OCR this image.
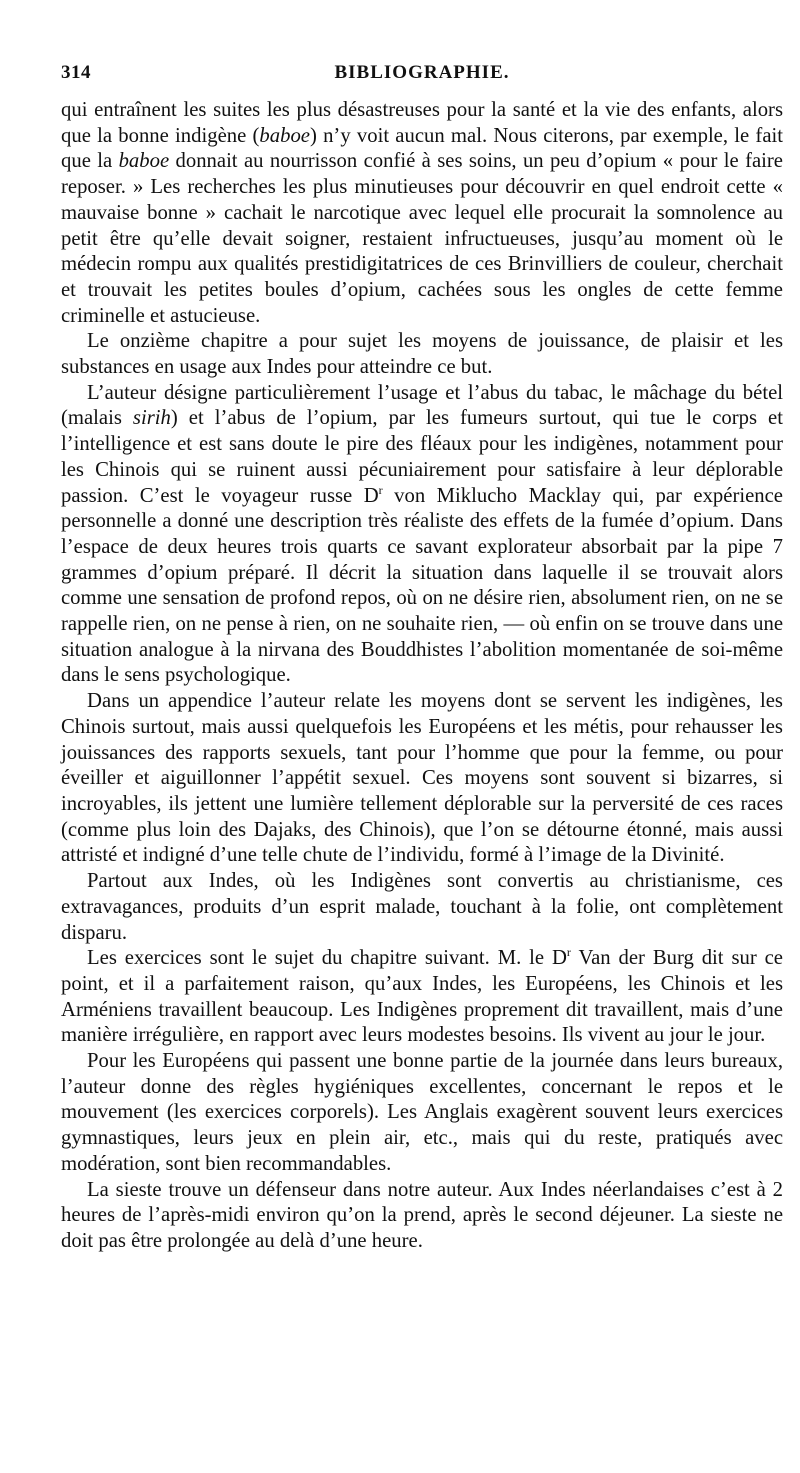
314	BIBLIOGRAPHIE.

qui entraînent les suites les plus désastreuses pour la santé et la vie des enfants, alors que la bonne indigène (baboe) n’y voit aucun mal. Nous citerons, par exemple, le fait que la baboe donnait au nourrisson confié à ses soins, un peu d’opium « pour le faire reposer. » Les recherches les plus minutieuses pour découvrir en quel endroit cette « mauvaise bonne » cachait le narcotique avec lequel elle procurait la somnolence au petit être qu’elle devait soigner, restaient infructueuses, jusqu’au moment où le médecin rompu aux qualités prestidigitatrices de ces Brinvilliers de couleur, cherchait et trouvait les petites boules d’opium, cachées sous les ongles de cette femme criminelle et astucieuse.

Le onzième chapitre a pour sujet les moyens de jouissance, de plaisir et les substances en usage aux Indes pour atteindre ce but.

L’auteur désigne particulièrement l’usage et l’abus du tabac, le mâchage du bétel (malais sirih) et l’abus de l’opium, par les fumeurs surtout, qui tue le corps et l’intelligence et est sans doute le pire des fléaux pour les indigènes, notamment pour les Chinois qui se ruinent aussi pécuniairement pour satisfaire à leur déplorable passion. C’est le voyageur russe $D^r$ von Miklucho Macklay qui, par expérience personnelle a donné une description très réaliste des effets de la fumée d’opium. Dans l’espace de deux heures trois quarts ce savant explorateur absorbait par la pipe 7 grammes d’opium préparé. Il décrit la situation dans laquelle il se trouvait alors comme une sensation de profond repos, où on ne désire rien, absolument rien, on ne se rappelle rien, on ne pense à rien, on ne souhaite rien, — où enfin on se trouve dans une situation analogue à la nirvana des Bouddhistes l’abolition momentanée de soi-même dans le sens psychologique.

Dans un appendice l’auteur relate les moyens dont se servent les indigènes, les Chinois surtout, mais aussi quelquefois les Européens et les métis, pour rehausser les jouissances des rapports sexuels, tant pour l’homme que pour la femme, ou pour éveiller et aiguillonner l’appétit sexuel. Ces moyens sont souvent si bizarres, si incroyables, ils jettent une lumière tellement déplorable sur la perversité de ces races (comme plus loin des Dajaks, des Chinois), que l’on se détourne étonné, mais aussi attristé et indigné d’une telle chute de l’individu, formé à l’image de la Divinité.

Partout aux Indes, où les Indigènes sont convertis au christianisme, ces extravagances, produits d’un esprit malade, touchant à la folie, ont complètement disparu.

Les exercices sont le sujet du chapitre suivant. M. le $D^r$ Van der Burg dit sur ce point, et il a parfaitement raison, qu’aux Indes, les Européens, les Chinois et les Arméniens travaillent beaucoup. Les Indigènes proprement dit travaillent, mais d’une manière irrégulière, en rapport avec leurs modestes besoins. Ils vivent au jour le jour.

Pour les Européens qui passent une bonne partie de la journée dans leurs bureaux, l’auteur donne des règles hygiéniques excellentes, concernant le repos et le mouvement (les exercices corporels). Les Anglais exagèrent souvent leurs exercices gymnastiques, leurs jeux en plein air, etc., mais qui du reste, pratiqués avec modération, sont bien recommandables.

La sieste trouve un défenseur dans notre auteur. Aux Indes néerlandaises c’est à 2 heures de l’après-midi environ qu’on la prend, après le second déjeuner. La sieste ne doit pas être prolongée au delà d’une heure.
